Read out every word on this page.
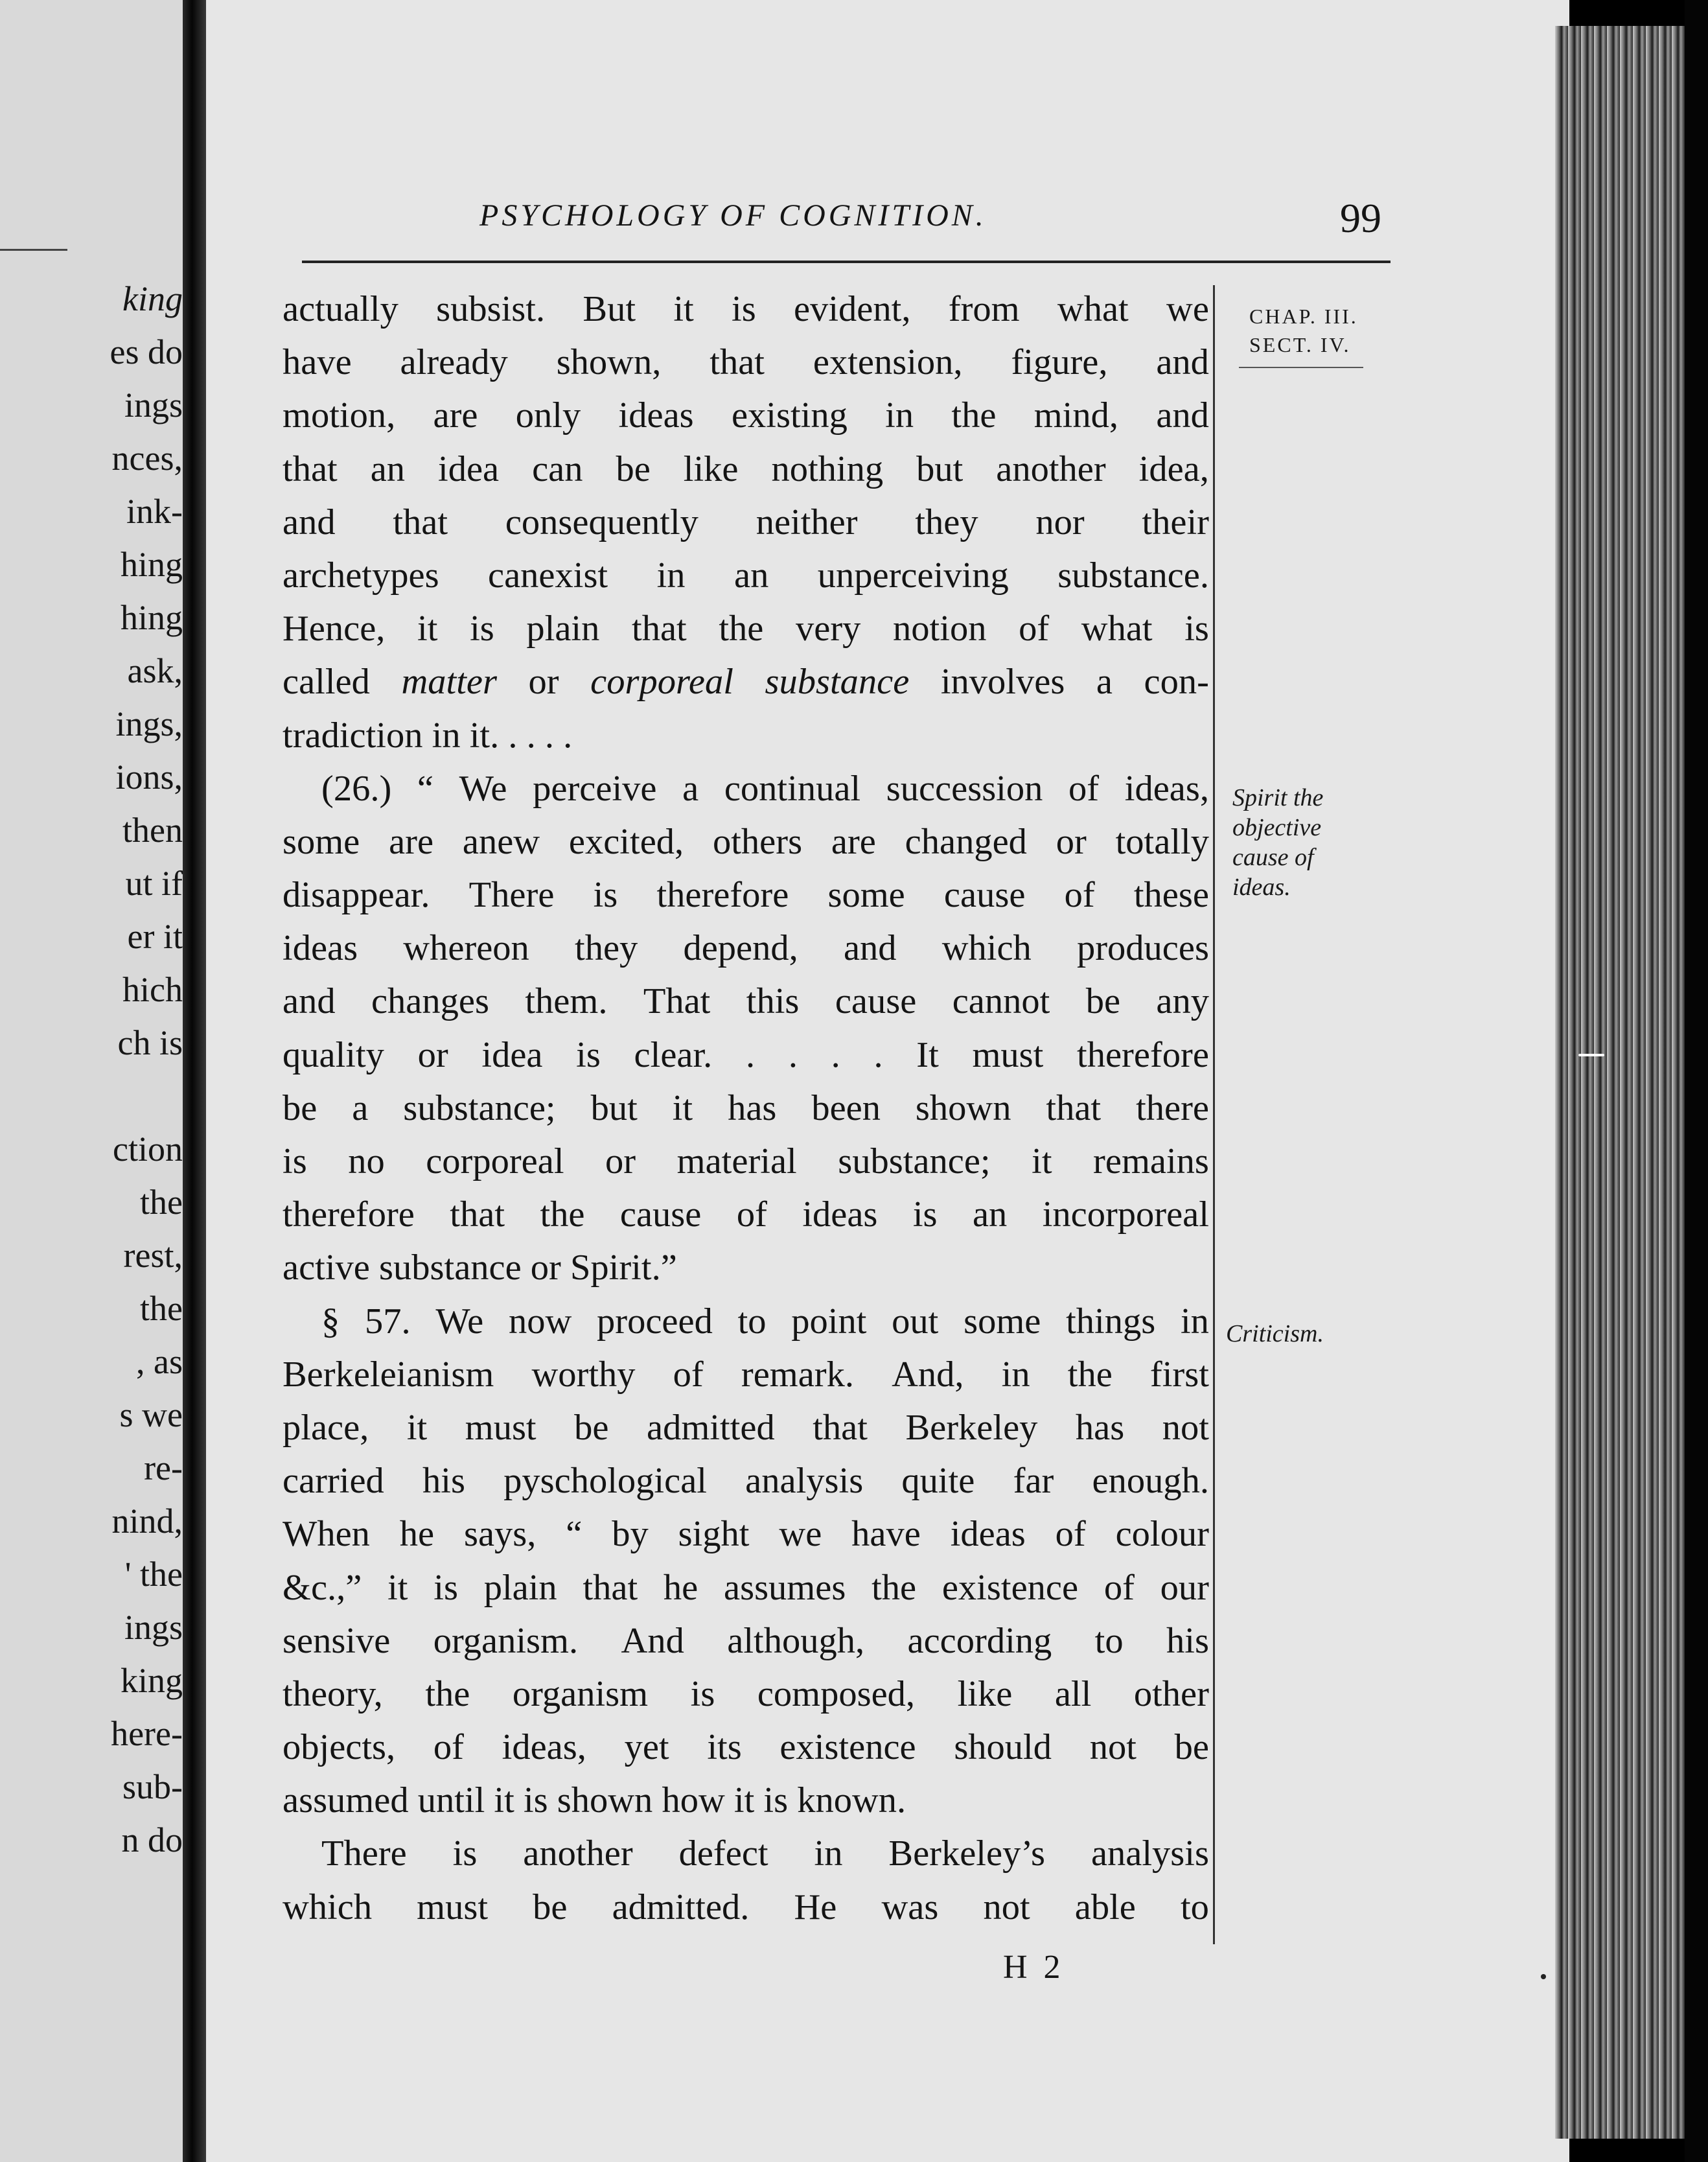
king
es do
ings
nces,
ink-
hing
hing
ask,
ings,
ions,
then
ut if
er it
hich
ch is

ction
the
rest,
the
, as
s we
re-
nind,
' the
ings
king
here-
sub-
n do
PSYCHOLOGY OF COGNITION.	99
actually subsist. But it is evident, from what we
have already shown, that extension, figure, and
motion, are only ideas existing in the mind, and
that an idea can be like nothing but another idea,
and that consequently neither they nor their
archetypes canexist in an unperceiving substance.
Hence, it is plain that the very notion of what is
called matter or corporeal substance involves a con-
tradiction in it. . . . .
(26.) “ We perceive a continual succession of ideas,
some are anew excited, others are changed or totally
disappear. There is therefore some cause of these
ideas whereon they depend, and which produces
and changes them. That this cause cannot be any
quality or idea is clear. . . . . It must therefore
be a substance; but it has been shown that there
is no corporeal or material substance; it remains
therefore that the cause of ideas is an incorporeal
active substance or Spirit.”
§ 57. We now proceed to point out some things in
Berkeleianism worthy of remark. And, in the first
place, it must be admitted that Berkeley has not
carried his pyschological analysis quite far enough.
When he says, “ by sight we have ideas of colour
&c.,” it is plain that he assumes the existence of our
sensive organism. And although, according to his
theory, the organism is composed, like all other
objects, of ideas, yet its existence should not be
assumed until it is shown how it is known.
There is another defect in Berkeley’s analysis
which must be admitted. He was not able to
CHAP. III.
SECT. IV.
Spirit the
objective
cause of
ideas.
Criticism.
H 2
